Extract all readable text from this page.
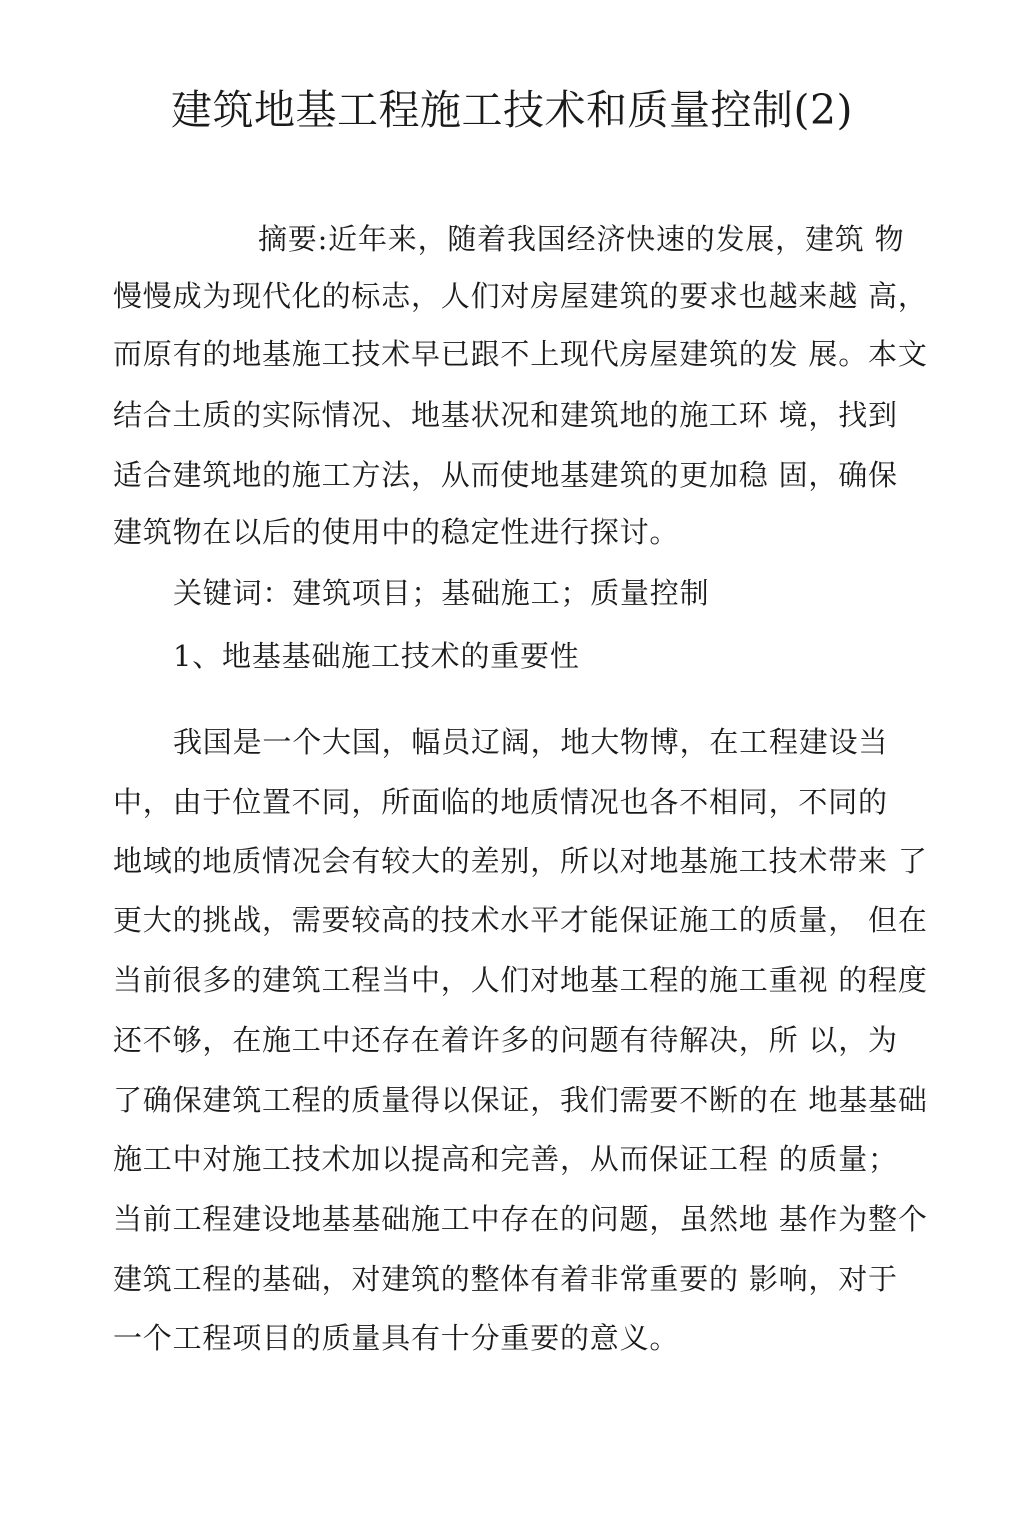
建筑地基工程施工技术和质量控制(2)

摘要:近年来，随着我国经济快速的发展，建筑 物

慢慢成为现代化的标志，人们对房屋建筑的要求也越来越 高，

而原有的地基施工技术早已跟不上现代房屋建筑的发 展。本文

结合土质的实际情况、地基状况和建筑地的施工环 境，找到

适合建筑地的施工方法，从而使地基建筑的更加稳 固，确保

建筑物在以后的使用中的稳定性进行探讨。

关键词：建筑项目；基础施工；质量控制

1、地基基础施工技术的重要性

我国是一个大国，幅员辽阔，地大物博，在工程建设当

中，由于位置不同，所面临的地质情况也各不相同，不同的

地域的地质情况会有较大的差别，所以对地基施工技术带来 了

更大的挑战，需要较高的技术水平才能保证施工的质量， 但在

当前很多的建筑工程当中，人们对地基工程的施工重视 的程度

还不够，在施工中还存在着许多的问题有待解决，所 以，为

了确保建筑工程的质量得以保证，我们需要不断的在 地基基础

施工中对施工技术加以提高和完善，从而保证工程 的质量；

当前工程建设地基基础施工中存在的问题，虽然地 基作为整个

建筑工程的基础，对建筑的整体有着非常重要的 影响，对于

一个工程项目的质量具有十分重要的意义。
